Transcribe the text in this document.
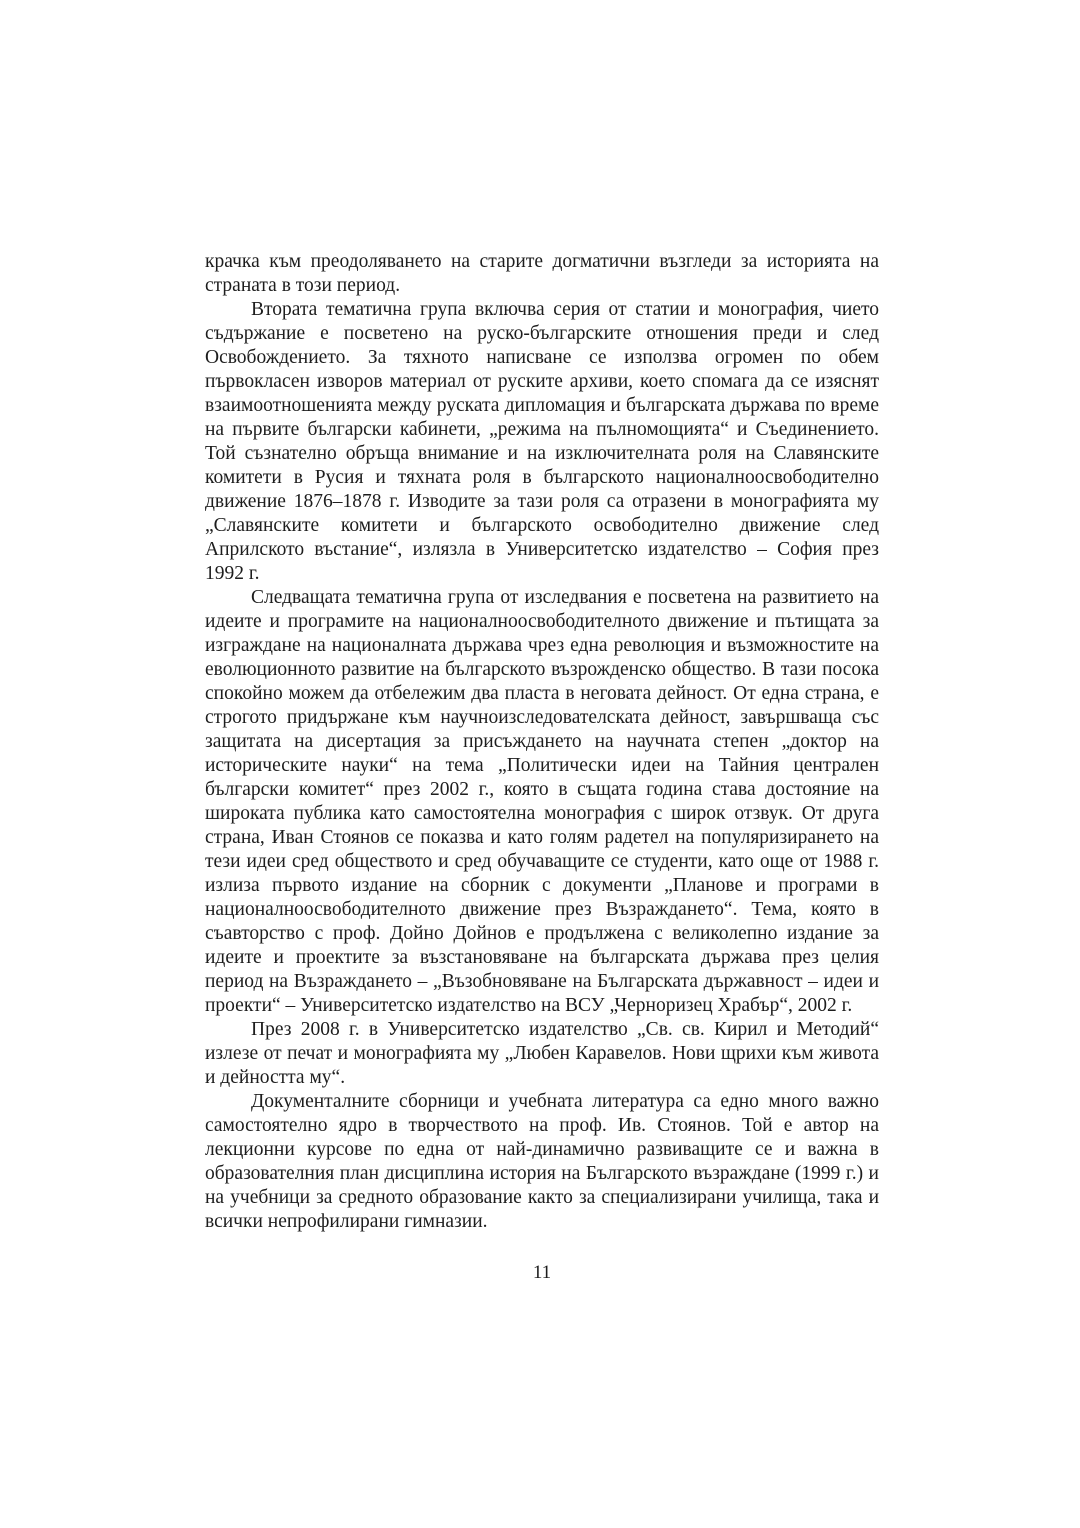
крачка към преодоляването на старите догматични възгледи за историята на страната в този период.

Втората тематична група включва серия от статии и монография, чието съдържание е посветено на руско-българските отношения преди и след Освобождението. За тяхното написване се използва огромен по обем първокласен изворов материал от руските архиви, което спомага да се изяснят взаимоотношенията между руската дипломация и българската държава по време на първите български кабинети, „режима на пълномощията“ и Съединението. Той съзнателно обръща внимание и на изключителната роля на Славянските комитети в Русия и тяхната роля в българското националноосвободително движение 1876–1878 г. Изводите за тази роля са отразени в монографията му „Славянските комитети и българското освободително движение след Априлското въстание“, излязла в Университетско издателство – София през 1992 г.

Следващата тематична група от изследвания е посветена на развитието на идеите и програмите на националноосвободителното движение и пътищата за изграждане на националната държава чрез една революция и възможностите на еволюционното развитие на българското възрожденско общество. В тази посока спокойно можем да отбележим два пласта в неговата дейност. От една страна, е строгото придържане към научноизследователската дейност, завършваща със защитата на дисертация за присъждането на научната степен „доктор на историческите науки“ на тема „Политически идеи на Тайния централен български комитет“ през 2002 г., която в същата година става достояние на широката публика като самостоятелна монография с широк отзвук. От друга страна, Иван Стоянов се показва и като голям радетел на популяризирането на тези идеи сред обществото и сред обучаващите се студенти, като още от 1988 г. излиза първото издание на сборник с документи „Планове и програми в националноосвободителното движение през Възраждането“. Тема, която в съавторство с проф. Дойно Дойнов е продължена с великолепно издание за идеите и проектите за възстановяване на българската държава през целия период на Възраждането – „Възобновяване на Българската държавност – идеи и проекти“ – Университетско издателство на ВСУ „Черноризец Храбър“, 2002 г.

През 2008 г. в Университетско издателство „Св. св. Кирил и Методий“ излезе от печат и монографията му „Любен Каравелов. Нови щрихи към живота и дейността му“.

Документалните сборници и учебната литература са едно много важно самостоятелно ядро в творчеството на проф. Ив. Стоянов. Той е автор на лекционни курсове по една от най-динамично развиващите се и важна в образователния план дисциплина история на Българското възраждане (1999 г.) и на учебници за средното образование както за специализирани училища, така и всички непрофилирани гимназии.

11
